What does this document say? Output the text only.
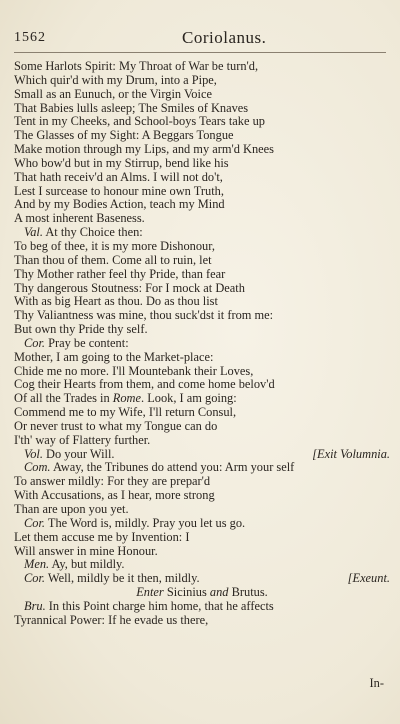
1562	Coriolanus.
Some Harlots Spirit: My Throat of War be turn'd,
Which quir'd with my Drum, into a Pipe,
Small as an Eunuch, or the Virgin Voice
That Babies lulls asleep; The Smiles of Knaves
Tent in my Cheeks, and School-boys Tears take up
The Glasses of my Sight: A Beggars Tongue
Make motion through my Lips, and my arm'd Knees
Who bow'd but in my Stirrup, bend like his
That hath receiv'd an Alms. I will not do't,
Lest I surcease to honour mine own Truth,
And by my Bodies Action, teach my Mind
A most inherent Baseness.
Val. At thy Choice then:
To beg of thee, it is my more Dishonour,
Than thou of them. Come all to ruin, let
Thy Mother rather feel thy Pride, than fear
Thy dangerous Stoutness: For I mock at Death
With as big Heart as thou. Do as thou list
Thy Valiantness was mine, thou suck'dst it from me:
But own thy Pride thy self.
Cor. Pray be content:
Mother, I am going to the Market-place:
Chide me no more. I'll Mountebank their Loves,
Cog their Hearts from them, and come home belov'd
Of all the Trades in Rome. Look, I am going:
Commend me to my Wife, I'll return Consul,
Or never trust to what my Tongue can do
I'th' way of Flattery further.
Vol. Do your Will.	[Exit Volumnia.
Com. Away, the Tribunes do attend you: Arm your self
To answer mildly: For they are prepar'd
With Accusations, as I hear, more strong
Than are upon you yet.
Cor. The Word is, mildly. Pray you let us go.
Let them accuse me by Invention: I
Will answer in mine Honour.
Men. Ay, but mildly.
Cor. Well, mildly be it then, mildly.	[Exeunt.
Enter Sicinius and Brutus.
Bru. In this Point charge him home, that he affects
Tyrannical Power: If he evade us there,
In-
